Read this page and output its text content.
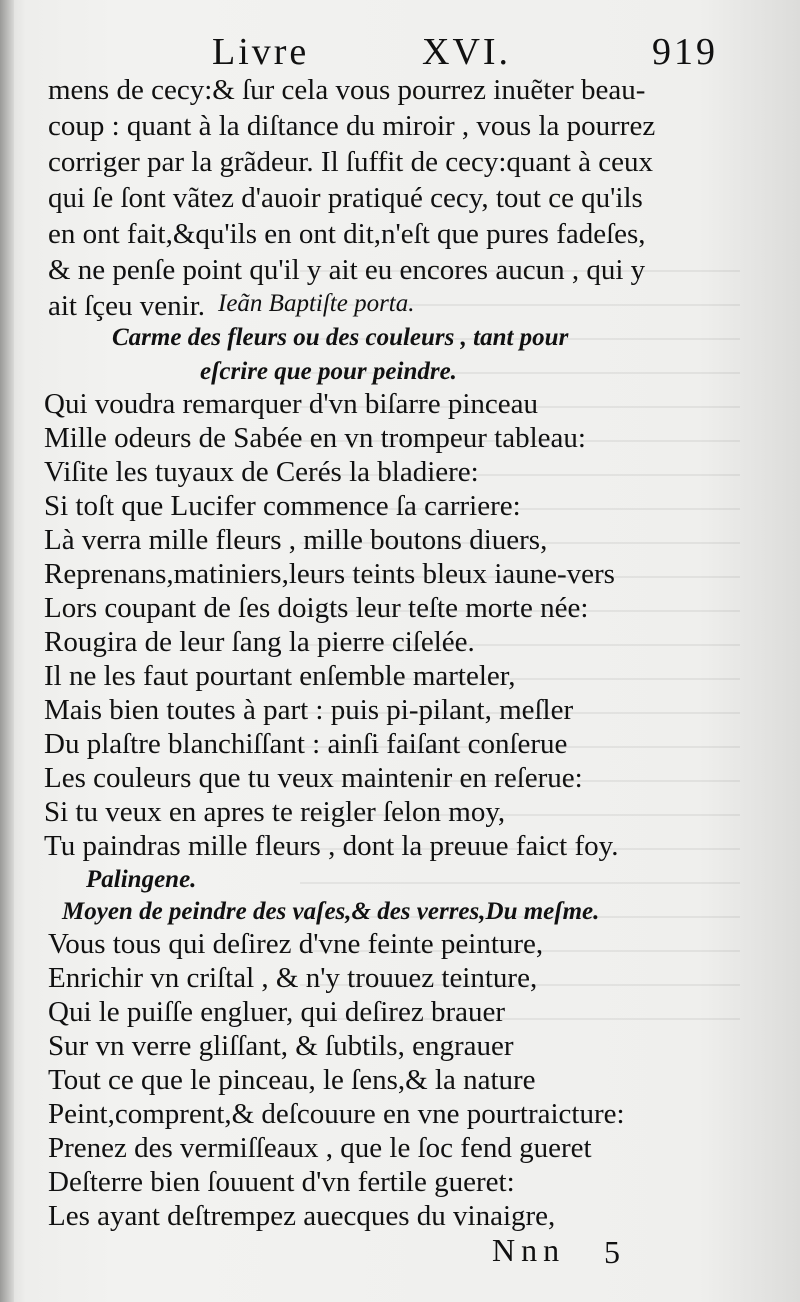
Livre	XVI.	919
mens de cecy:& ſur cela vous pourrez inuẽter beau-
coup : quant à la diſtance du miroir , vous la pourrez
corriger par la grãdeur. Il ſuffit de cecy:quant à ceux
qui ſe ſont vãtez d'auoir pratiqué cecy, tout ce qu'ils
en ont fait,&qu'ils en ont dit,n'eſt que pures fadeſes,
& ne penſe point qu'il y ait eu encores aucun , qui y
ait ſçeu venir. Ieãn Baptiſte porta.
Carme des fleurs ou des couleurs , tant pour
eſcrire que pour peindre.
Qui voudra remarquer d'vn biſarre pinceau
Mille odeurs de Sabée en vn trompeur tableau:
Viſite les tuyaux de Cerés la bladiere:
Si toſt que Lucifer commence ſa carriere:
Là verra mille fleurs , mille boutons diuers,
Reprenans,matiniers,leurs teints bleux iaune-vers
Lors coupant de ſes doigts leur teſte morte née:
Rougira de leur ſang la pierre ciſelée.
Il ne les faut pourtant enſemble marteler,
Mais bien toutes à part : puis pi-pilant, meſler
Du plaſtre blanchiſſant : ainſi faiſant conſerue
Les couleurs que tu veux maintenir en reſerue:
Si tu veux en apres te reigler ſelon moy,
Tu paindras mille fleurs , dont la preuue faict foy.
Palingene.
Moyen de peindre des vaſes,& des verres,Du meſme.
Vous tous qui deſirez d'vne feinte peinture,
Enrichir vn criſtal , & n'y trouuez teinture,
Qui le puiſſe engluer, qui deſirez brauer
Sur vn verre gliſſant, & ſubtils, engrauer
Tout ce que le pinceau, le ſens,& la nature
Peint,comprent,& deſcouure en vne pourtraicture:
Prenez des vermiſſeaux , que le ſoc fend gueret
Deſterre bien ſouuent d'vn fertile gueret:
Les ayant deſtrempez auecques du vinaigre,
Nnn 5
